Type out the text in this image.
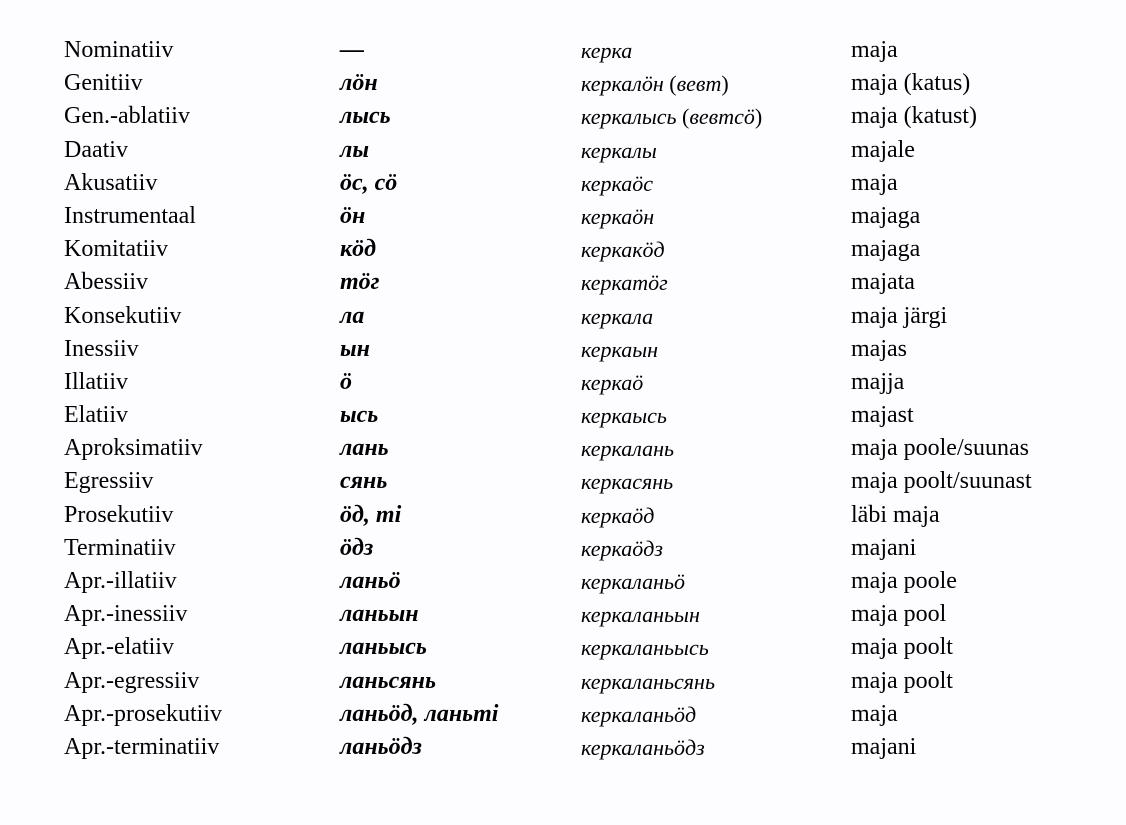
Nominatiiv	—	керка	maja
Genitiiv	лöн	керкалöн (вевт)	maja (katus)
Gen.-ablatiiv	лысь	керкалысь (вевтсö)	maja (katust)
Daativ	лы	керкалы	majale
Akusatiiv	öс, сö	керкаöс	maja
Instrumentaal	öн	керкаöн	majaga
Komitatiiv	кöд	керкакöд	majaga
Abessiiv	тöг	керкатöг	majata
Konsekutiiv	ла	керкала	maja järgi
Inessiiv	ын	керкаын	majas
Illatiiv	ö	керкаö	majja
Elatiiv	ысь	керкаысь	majast
Aproksimatiiv	лань	керкалань	maja poole/suunas
Egressiiv	сянь	керкасянь	maja poolt/suunast
Prosekutiiv	öд, тi	керкаöд	läbi maja
Terminatiiv	öдз	керкаöдз	majani
Apr.-illatiiv	ланьö	керкаланьö	maja poole
Apr.-inessiiv	ланьын	керкаланьын	maja pool
Apr.-elatiiv	ланьысь	керкаланьысь	maja poolt
Apr.-egressiiv	ланьсянь	керкаланьсянь	maja poolt
Apr.-prosekutiiv	ланьöд, ланьтi	керкаланьöд	maja
Apr.-terminatiiv	ланьöдз	керкаланьöдз	majani
